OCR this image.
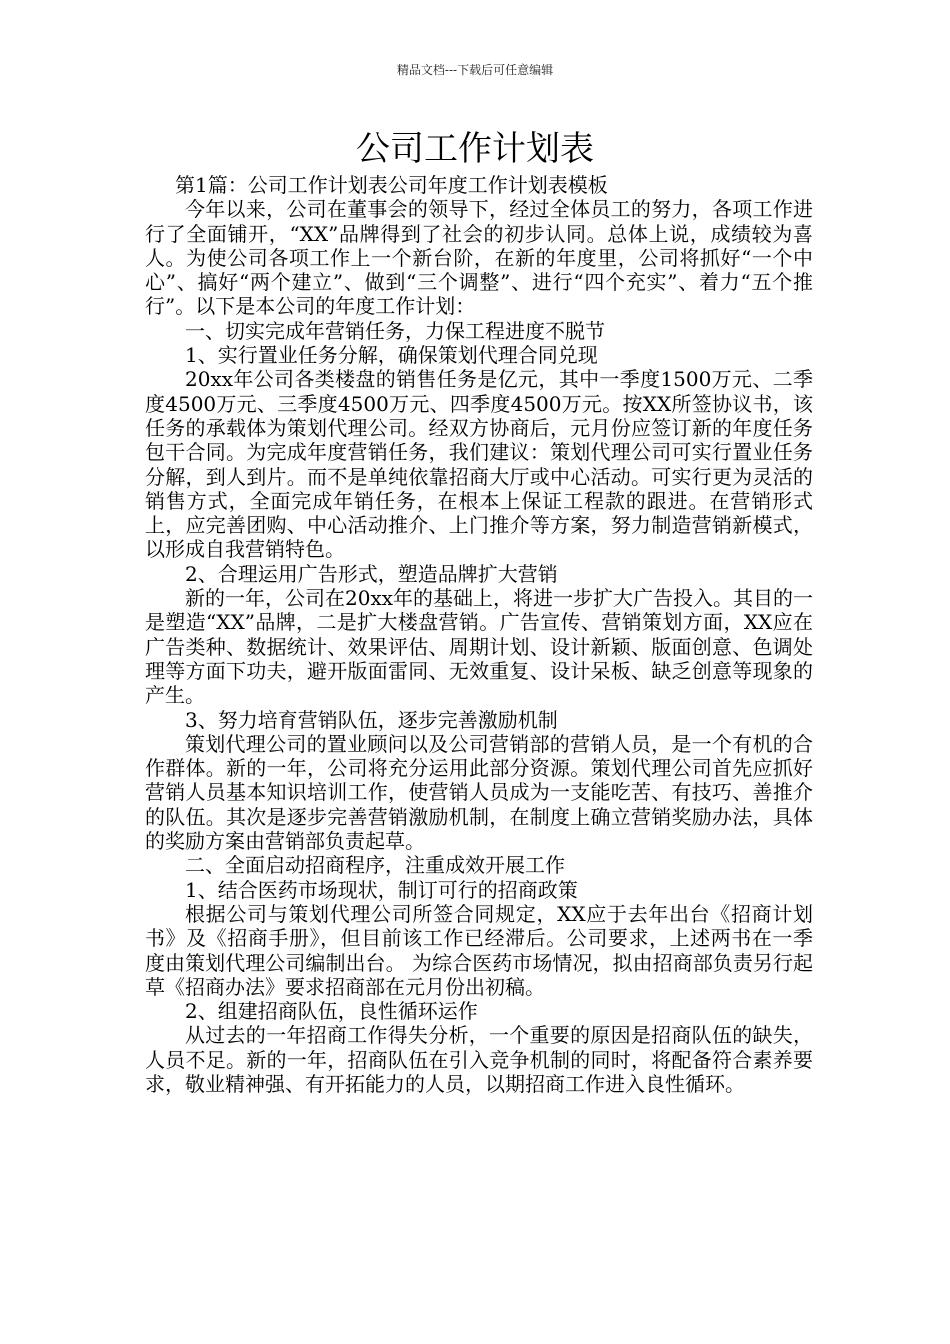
精品文档---下载后可任意编辑
公司工作计划表

第1篇：公司工作计划表公司年度工作计划表模板

今年以来，公司在董事会的领导下，经过全体员工的努力，各项工作进行了全面铺开，“XX”品牌得到了社会的初步认同。总体上说，成绩较为喜人。为使公司各项工作上一个新台阶，在新的年度里，公司将抓好“一个中心”、搞好“两个建立”、做到“三个调整”、进行“四个充实”、着力“五个推行”。以下是本公司的年度工作计划：

一、切实完成年营销任务，力保工程进度不脱节

1、实行置业任务分解，确保策划代理合同兑现

20xx年公司各类楼盘的销售任务是亿元，其中一季度1500万元、二季度4500万元、三季度4500万元、四季度4500万元。按XX所签协议书，该任务的承载体为策划代理公司。经双方协商后，元月份应签订新的年度任务包干合同。为完成年度营销任务，我们建议：策划代理公司可实行置业任务分解，到人到片。而不是单纯依靠招商大厅或中心活动。可实行更为灵活的销售方式，全面完成年销任务，在根本上保证工程款的跟进。在营销形式上，应完善团购、中心活动推介、上门推介等方案，努力制造营销新模式，以形成自我营销特色。

2、合理运用广告形式，塑造品牌扩大营销

新的一年，公司在20xx年的基础上，将进一步扩大广告投入。其目的一是塑造“XX”品牌，二是扩大楼盘营销。广告宣传、营销策划方面，XX应在广告类种、数据统计、效果评估、周期计划、设计新颖、版面创意、色调处理等方面下功夫，避开版面雷同、无效重复、设计呆板、缺乏创意等现象的产生。

3、努力培育营销队伍，逐步完善激励机制

策划代理公司的置业顾问以及公司营销部的营销人员，是一个有机的合作群体。新的一年，公司将充分运用此部分资源。策划代理公司首先应抓好营销人员基本知识培训工作，使营销人员成为一支能吃苦、有技巧、善推介的队伍。其次是逐步完善营销激励机制，在制度上确立营销奖励办法，具体的奖励方案由营销部负责起草。

二、全面启动招商程序，注重成效开展工作

1、结合医药市场现状，制订可行的招商政策

根据公司与策划代理公司所签合同规定，XX应于去年出台《招商计划书》及《招商手册》，但目前该工作已经滞后。公司要求，上述两书在一季度由策划代理公司编制出台。 为综合医药市场情况，拟由招商部负责另行起草《招商办法》要求招商部在元月份出初稿。

2、组建招商队伍，良性循环运作

从过去的一年招商工作得失分析，一个重要的原因是招商队伍的缺失，人员不足。新的一年，招商队伍在引入竞争机制的同时，将配备符合素养要求，敬业精神强、有开拓能力的人员，以期招商工作进入良性循环。
